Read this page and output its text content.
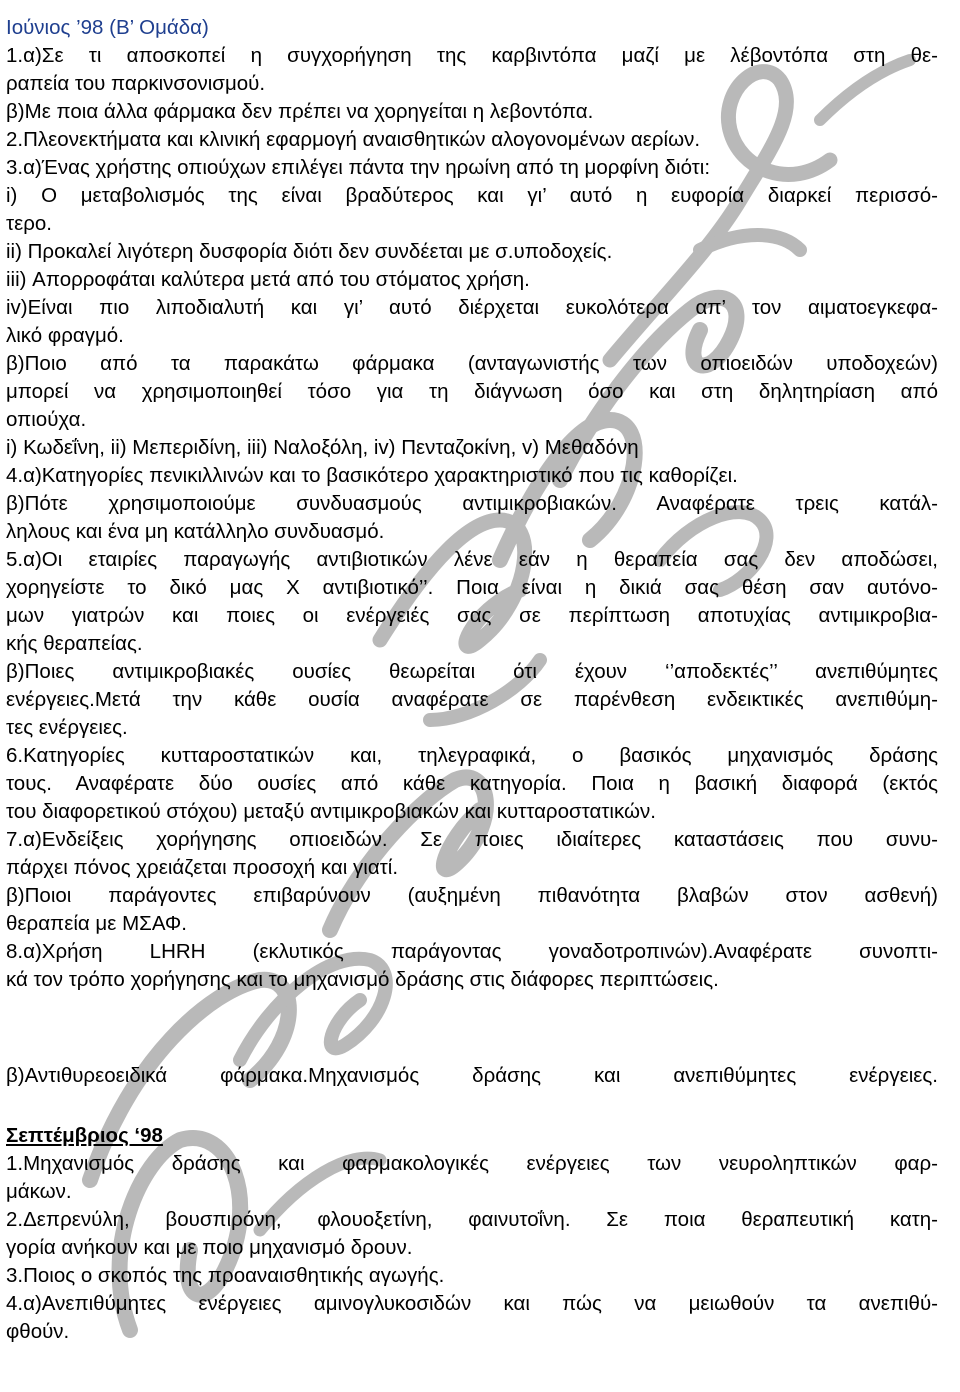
Ιούνιος ’98 (Β’ Ομάδα)
1.α)Σε τι αποσκοπεί η συγχορήγηση της καρβιντόπα μαζί με λέβοντόπα στη θε-
ραπεία του παρκινσονισμού.
β)Με ποια άλλα φάρμακα δεν πρέπει να χορηγείται η λεβοντόπα.
2.Πλεονεκτήματα και κλινική εφαρμογή αναισθητικών αλογονομένων αερίων.
3.α)Ένας χρήστης οπιούχων επιλέγει πάντα την ηρωίνη από τη μορφίνη διότι:
i) Ο μεταβολισμός της είναι βραδύτερος και γι’ αυτό η ευφορία διαρκεί περισσό-
τερο.
ii) Προκαλεί λιγότερη δυσφορία διότι δεν συνδέεται με σ.υποδοχείς.
iii) Απορροφάται καλύτερα μετά από του στόματος χρήση.
iv)Είναι πιο λιποδιαλυτή και γι’ αυτό διέρχεται ευκολότερα απ’ τον αιματοεγκεφα-
λικό φραγμό.
β)Ποιο από τα παρακάτω φάρμακα (ανταγωνιστής των οπιοειδών υποδοχεών)
μπορεί να χρησιμοποιηθεί τόσο για τη διάγνωση όσο και στη δηλητηρίαση από
οπιούχα.
i) Κωδεΐνη, ii) Μεπεριδίνη, iii) Ναλοξόλη, iv) Πενταζοκίνη, v) Μεθαδόνη
4.α)Κατηγορίες πενικιλλινών και το βασικότερο χαρακτηριστικό που τις καθορίζει.
β)Πότε χρησιμοποιούμε συνδυασμούς αντιμικροβιακών. Αναφέρατε τρεις κατάλ-
ληλους και ένα μη κατάλληλο συνδυασμό.
5.α)Οι εταιρίες παραγωγής αντιβιοτικών λένε εάν η θεραπεία σας δεν αποδώσει,
χορηγείστε το δικό μας Χ αντιβιοτικό’’. Ποια είναι η δικιά σας θέση σαν αυτόνο-
μων γιατρών και ποιες οι ενέργειές σας σε περίπτωση αποτυχίας αντιμικροβια-
κής θεραπείας.
β)Ποιες αντιμικροβιακές ουσίες θεωρείται ότι έχουν ‘’αποδεκτές’’ ανεπιθύμητες
ενέργειες.Μετά την κάθε ουσία αναφέρατε σε παρένθεση ενδεικτικές ανεπιθύμη-
τες ενέργειες.
6.Κατηγορίες κυτταροστατικών και, τηλεγραφικά, ο βασικός μηχανισμός δράσης
τους. Αναφέρατε δύο ουσίες από κάθε κατηγορία. Ποια η βασική διαφορά (εκτός
του διαφορετικού στόχου) μεταξύ αντιμικροβιακών και κυτταροστατικών.
7.α)Ενδείξεις χορήγησης οπιοειδών. Σε ποιες ιδιαίτερες καταστάσεις που συνυ-
πάρχει πόνος χρειάζεται προσοχή και γιατί.
β)Ποιοι παράγοντες επιβαρύνουν (αυξημένη πιθανότητα βλαβών στον ασθενή)
θεραπεία με ΜΣΑΦ.
8.α)Χρήση LHRH (εκλυτικός παράγοντας γοναδοτροπινών).Αναφέρατε συνοπτι-
κά τον τρόπο χορήγησης και το μηχανισμό δράσης στις διάφορες περιπτώσεις.
β)Αντιθυρεοειδικά φάρμακα.Μηχανισμός δράσης και ανεπιθύμητες ενέργειες.
Σεπτέμβριος ‘98
1.Μηχανισμός δράσης και φαρμακολογικές ενέργειες των νευροληπτικών φαρ-
μάκων.
2.Δεπρενύλη, βουσπιρόνη, φλουοξετίνη, φαινυτοΐνη. Σε ποια θεραπευτική κατη-
γορία ανήκουν και με ποιο μηχανισμό δρουν.
3.Ποιος ο σκοπός της προαναισθητικής αγωγής.
4.α)Ανεπιθύμητες ενέργειες αμινογλυκοσιδών και πώς να μειωθούν τα ανεπιθύ-
φθούν.
